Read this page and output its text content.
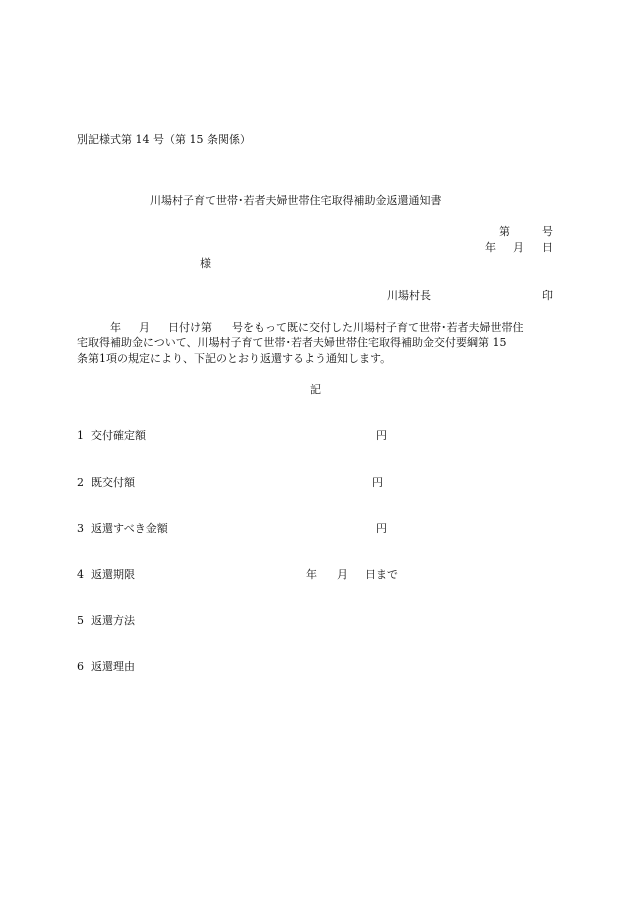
別記様式第 14 号（第 15 条関係）
川場村子育て世帯･若者夫婦世帯住宅取得補助金返還通知書
第	号
年 月 日
様
川場村長	印
年 月 日付け第 号をもって既に交付した川場村子育て世帯･若者夫婦世帯住
宅取得補助金について、川場村子育て世帯･若者夫婦世帯住宅取得補助金交付要綱第 15
条第1項の規定により、下記のとおり返還するよう通知します。
記
1 交付確定額	円
2 既交付額	円
3 返還すべき金額	円
4 返還期限	年 月 日まで
5 返還方法
6 返還理由
